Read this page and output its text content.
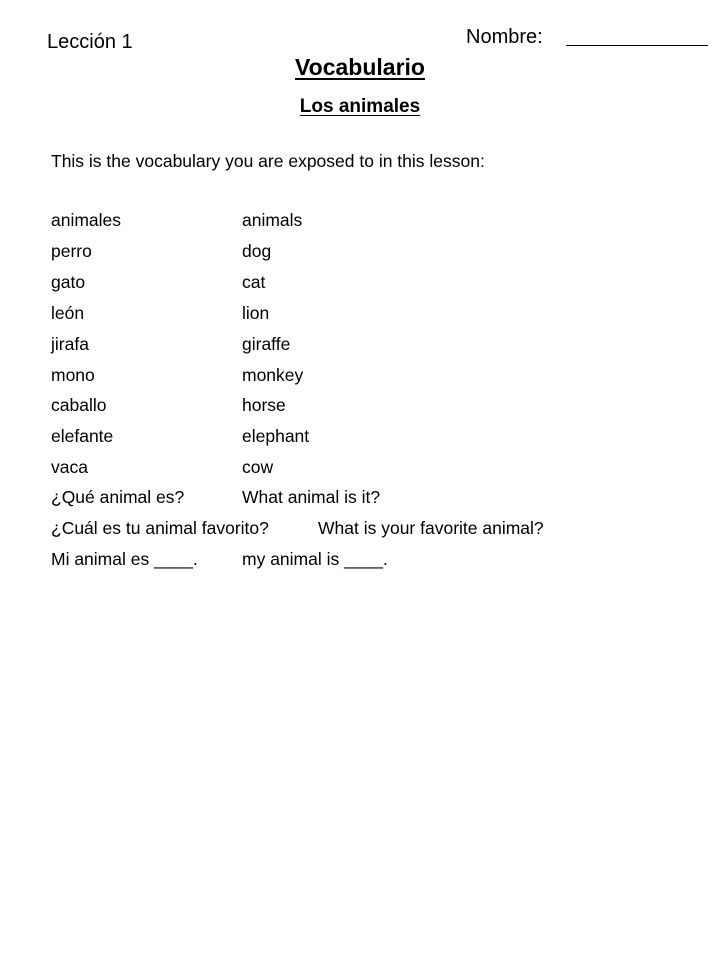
Lección 1	Nombre:
Vocabulario
Los animales
This is the vocabulary you are exposed to in this lesson:
animales	animals
perro	dog
gato	cat
león	lion
jirafa	giraffe
mono	monkey
caballo	horse
elefante	elephant
vaca	cow
¿Qué animal es?	What animal is it?
¿Cuál es tu animal favorito?	What is your favorite animal?
Mi animal es ____.	my animal is ____.
